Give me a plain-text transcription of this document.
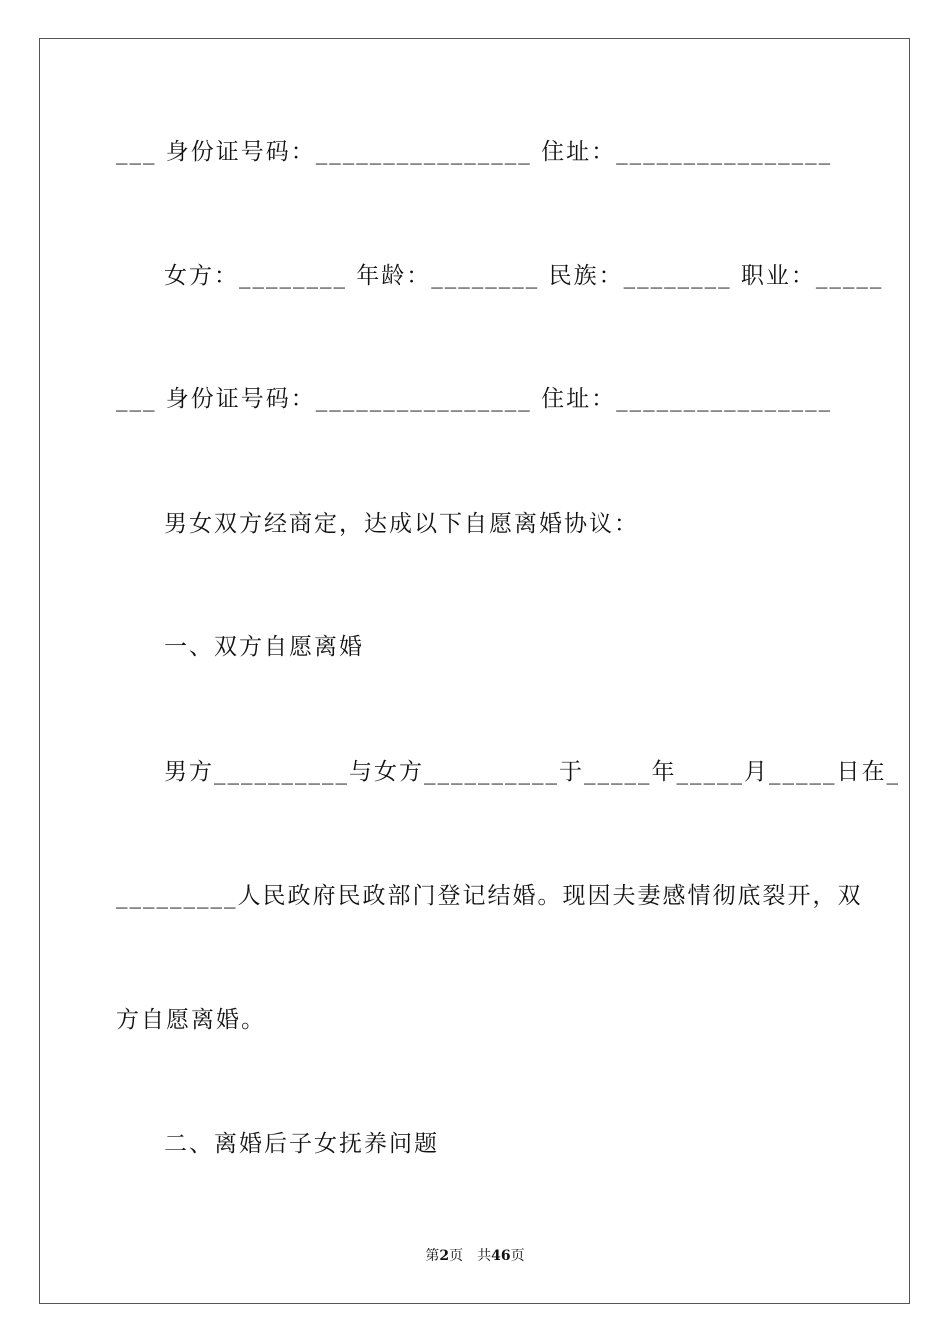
___ 身份证号码：________________ 住址：________________
女方：________ 年龄：________ 民族：________ 职业：_____
___ 身份证号码：________________ 住址：________________
男女双方经商定，达成以下自愿离婚协议：
一、双方自愿离婚
男方__________与女方__________于_____年_____月_____日在_
_________人民政府民政部门登记结婚。现因夫妻感情彻底裂开，双
方自愿离婚。
二、离婚后子女抚养问题
第2页 共46页
